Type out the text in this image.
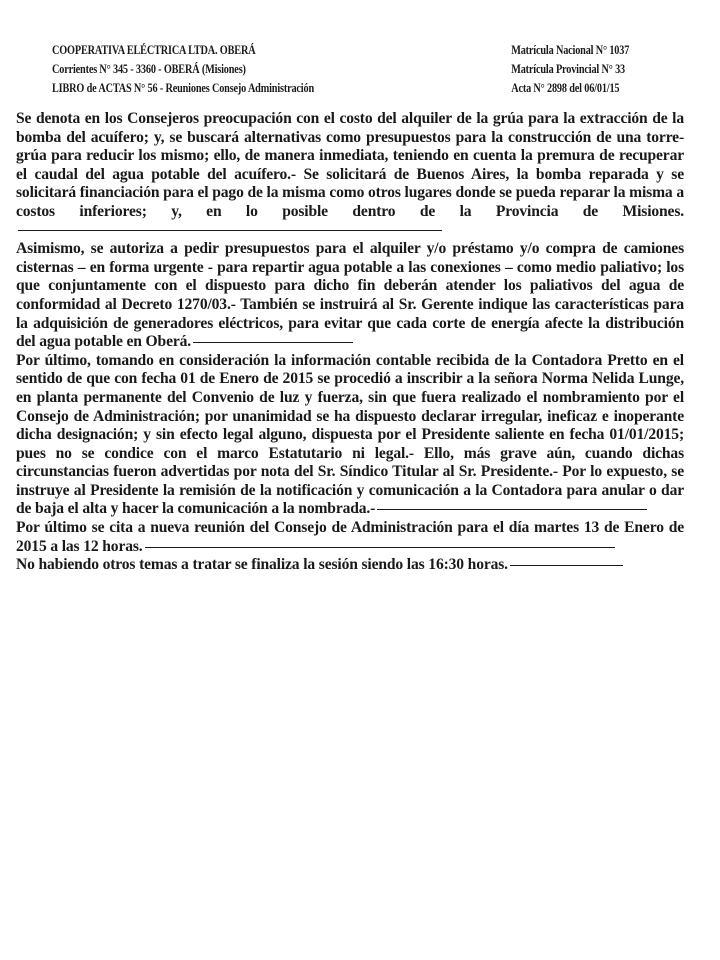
COOPERATIVA ELÉCTRICA LTDA. OBERÁ
Corrientes N° 345 - 3360 - OBERÁ (Misiones)
LIBRO de ACTAS N° 56 - Reuniones Consejo Administración
Matrícula Nacional N° 1037
Matrícula Provincial N° 33
Acta N° 2898 del 06/01/15

Se denota en los Consejeros preocupación con el costo del alquiler de la grúa para la extracción de la bomba del acuífero; y, se buscará alternativas como presupuestos para la construcción de una torre-grúa para reducir los mismo; ello, de manera inmediata, teniendo en cuenta la premura de recuperar el caudal del agua potable del acuífero.- Se solicitará de Buenos Aires, la bomba reparada y se solicitará financiación para el pago de la misma como otros lugares donde se pueda reparar la misma a costos inferiores; y, en lo posible dentro de la Provincia de Misiones.

Asimismo, se autoriza a pedir presupuestos para el alquiler y/o préstamo y/o compra de camiones cisternas – en forma urgente - para repartir agua potable a las conexiones – como medio paliativo; los que conjuntamente con el dispuesto para dicho fin deberán atender los paliativos del agua de conformidad al Decreto 1270/03.- También se instruirá al Sr. Gerente indique las características para la adquisición de generadores eléctricos, para evitar que cada corte de energía afecte la distribución del agua potable en Oberá.

Por último, tomando en consideración la información contable recibida de la Contadora Pretto en el sentido de que con fecha 01 de Enero de 2015 se procedió a inscribir a la señora Norma Nelida Lunge, en planta permanente del Convenio de luz y fuerza, sin que fuera realizado el nombramiento por el Consejo de Administración; por unanimidad se ha dispuesto declarar irregular, ineficaz e inoperante dicha designación; y sin efecto legal alguno, dispuesta por el Presidente saliente en fecha 01/01/2015; pues no se condice con el marco Estatutario ni legal.- Ello, más grave aún, cuando dichas circunstancias fueron advertidas por nota del Sr. Síndico Titular al Sr. Presidente.- Por lo expuesto, se instruye al Presidente la remisión de la notificación y comunicación a la Contadora para anular o dar de baja el alta y hacer la comunicación a la nombrada.-

Por último se cita a nueva reunión del Consejo de Administración para el día martes 13 de Enero de 2015 a las 12 horas.

No habiendo otros temas a tratar se finaliza la sesión siendo las 16:30 horas.
